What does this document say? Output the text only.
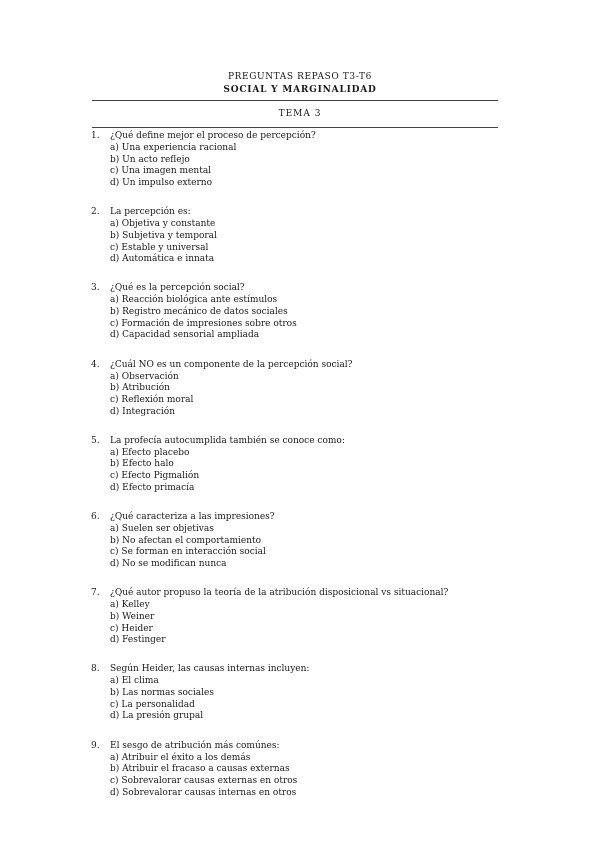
PREGUNTAS REPASO T3-T6
SOCIAL Y MARGINALIDAD
TEMA 3
1. ¿Qué define mejor el proceso de percepción?
a) Una experiencia racional
b) Un acto reflejo
c) Una imagen mental
d) Un impulso externo
2. La percepción es:
a) Objetiva y constante
b) Subjetiva y temporal
c) Estable y universal
d) Automática e innata
3. ¿Qué es la percepción social?
a) Reacción biológica ante estímulos
b) Registro mecánico de datos sociales
c) Formación de impresiones sobre otros
d) Capacidad sensorial ampliada
4. ¿Cuál NO es un componente de la percepción social?
a) Observación
b) Atribución
c) Reflexión moral
d) Integración
5. La profecía autocumplida también se conoce como:
a) Efecto placebo
b) Efecto halo
c) Efecto Pigmalión
d) Efecto primacía
6. ¿Qué caracteriza a las impresiones?
a) Suelen ser objetivas
b) No afectan el comportamiento
c) Se forman en interacción social
d) No se modifican nunca
7. ¿Qué autor propuso la teoría de la atribución disposicional vs situacional?
a) Kelley
b) Weiner
c) Heider
d) Festinger
8. Según Heider, las causas internas incluyen:
a) El clima
b) Las normas sociales
c) La personalidad
d) La presión grupal
9. El sesgo de atribución más comúnes:
a) Atribuir el éxito a los demás
b) Atribuir el fracaso a causas externas
c) Sobrevalorar causas externas en otros
d) Sobrevalorar causas internas en otros
